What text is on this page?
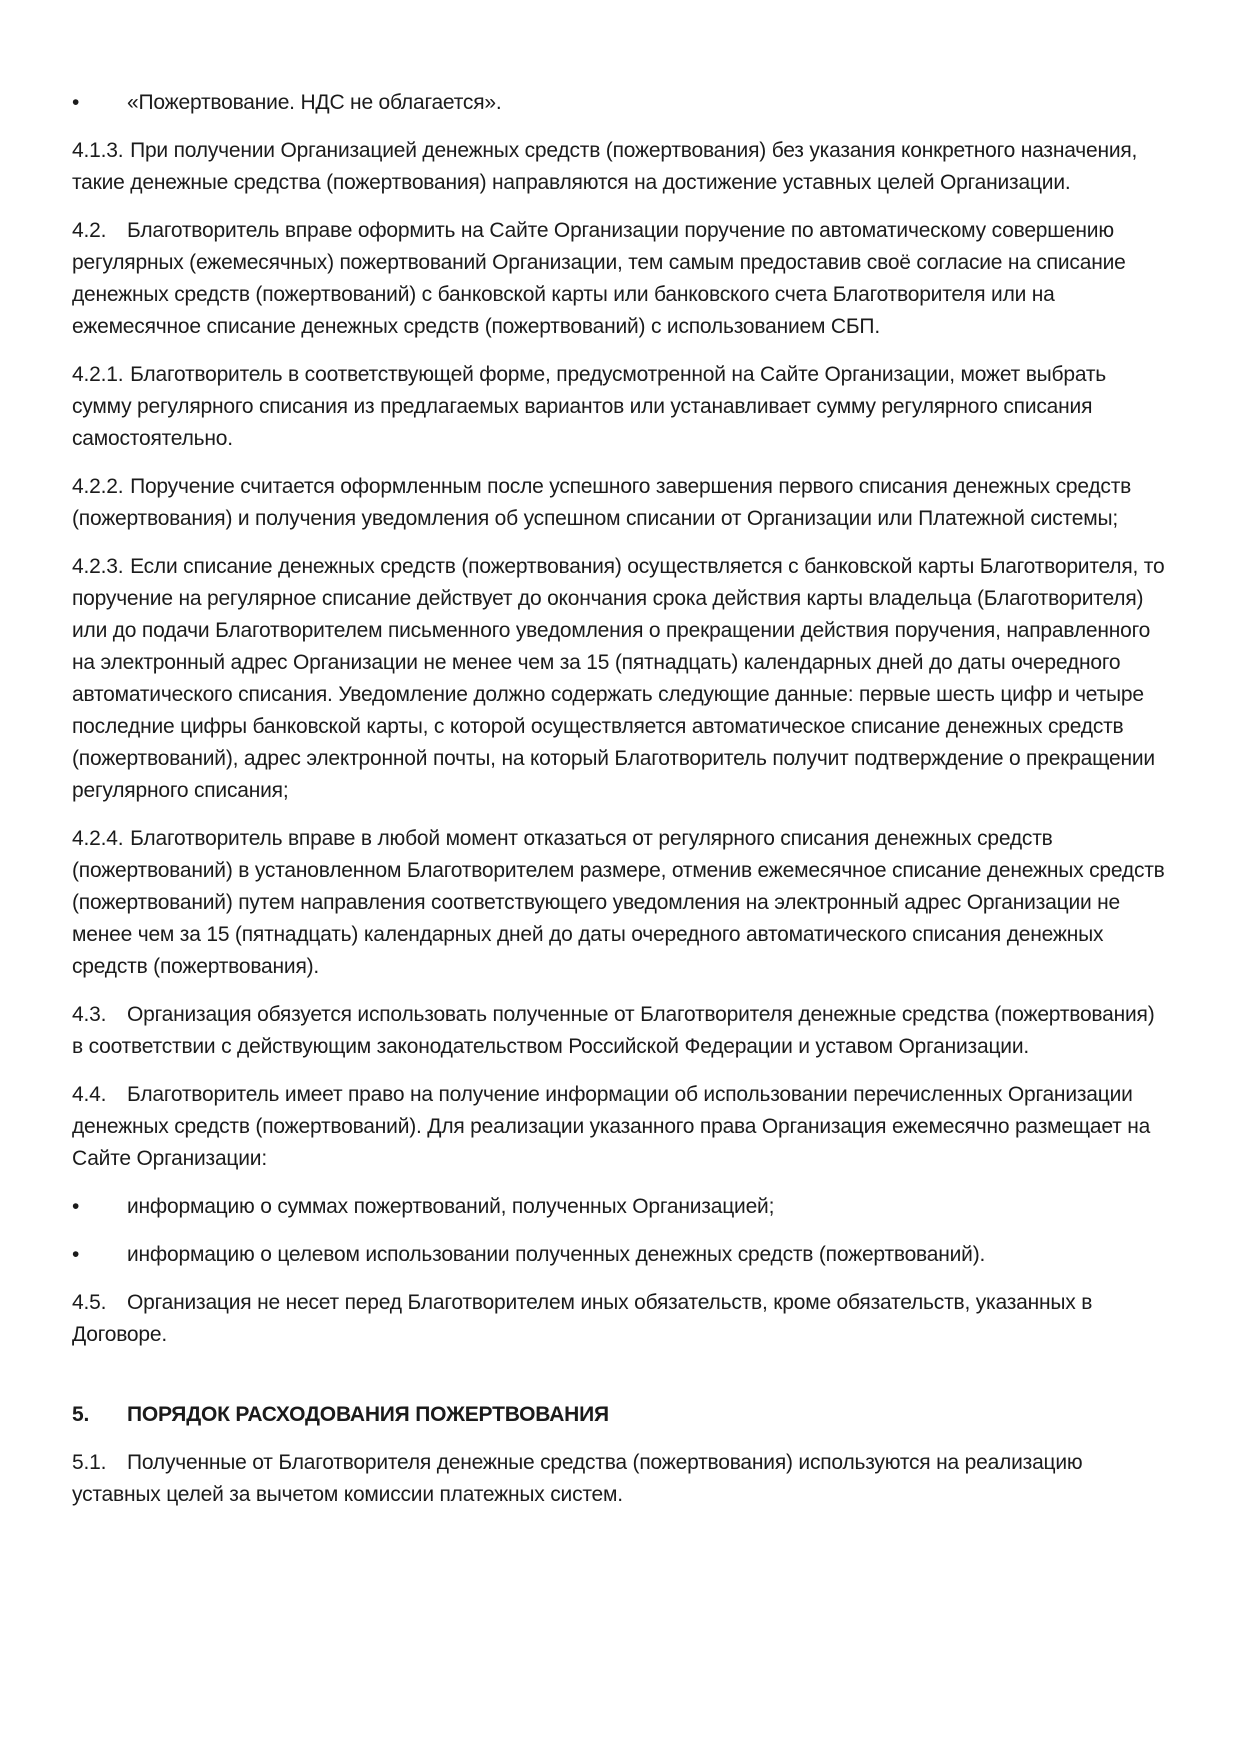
• «Пожертвование. НДС не облагается».

4.1.3. При получении Организацией денежных средств (пожертвования) без указания конкретного назначения, такие денежные средства (пожертвования) направляются на достижение уставных целей Организации.

4.2. Благотворитель вправе оформить на Сайте Организации поручение по автоматическому совершению регулярных (ежемесячных) пожертвований Организации, тем самым предоставив своё согласие на списание денежных средств (пожертвований) с банковской карты или банковского счета Благотворителя или на ежемесячное списание денежных средств (пожертвований) с использованием СБП.

4.2.1. Благотворитель в соответствующей форме, предусмотренной на Сайте Организации, может выбрать сумму регулярного списания из предлагаемых вариантов или устанавливает сумму регулярного списания самостоятельно.

4.2.2. Поручение считается оформленным после успешного завершения первого списания денежных средств (пожертвования) и получения уведомления об успешном списании от Организации или Платежной системы;

4.2.3. Если списание денежных средств (пожертвования) осуществляется с банковской карты Благотворителя, то поручение на регулярное списание действует до окончания срока действия карты владельца (Благотворителя) или до подачи Благотворителем письменного уведомления о прекращении действия поручения, направленного на электронный адрес Организации не менее чем за 15 (пятнадцать) календарных дней до даты очередного автоматического списания. Уведомление должно содержать следующие данные: первые шесть цифр и четыре последние цифры банковской карты, с которой осуществляется автоматическое списание денежных средств (пожертвований), адрес электронной почты, на который Благотворитель получит подтверждение о прекращении регулярного списания;

4.2.4. Благотворитель вправе в любой момент отказаться от регулярного списания денежных средств (пожертвований) в установленном Благотворителем размере, отменив ежемесячное списание денежных средств (пожертвований) путем направления соответствующего уведомления на электронный адрес Организации не менее чем за 15 (пятнадцать) календарных дней до даты очередного автоматического списания денежных средств (пожертвования).

4.3. Организация обязуется использовать полученные от Благотворителя денежные средства (пожертвования) в соответствии с действующим законодательством Российской Федерации и уставом Организации.

4.4. Благотворитель имеет право на получение информации об использовании перечисленных Организации денежных средств (пожертвований). Для реализации указанного права Организация ежемесячно размещает на Сайте Организации:

• информацию о суммах пожертвований, полученных Организацией;

• информацию о целевом использовании полученных денежных средств (пожертвований).

4.5. Организация не несет перед Благотворителем иных обязательств, кроме обязательств, указанных в Договоре.

5. ПОРЯДОК РАСХОДОВАНИЯ ПОЖЕРТВОВАНИЯ

5.1. Полученные от Благотворителя денежные средства (пожертвования) используются на реализацию уставных целей за вычетом комиссии платежных систем.
